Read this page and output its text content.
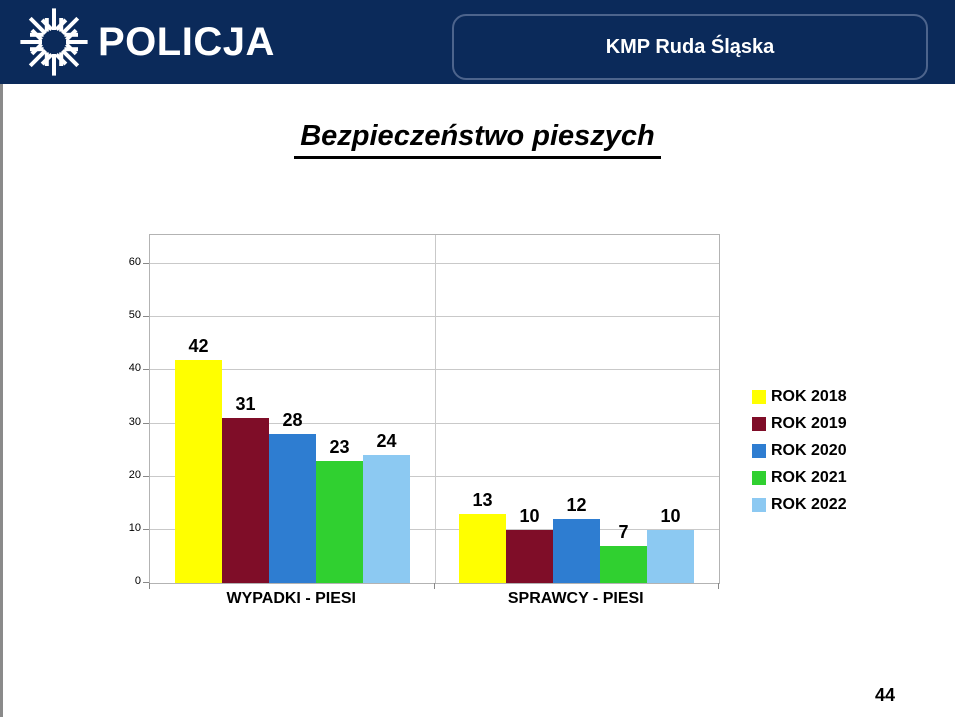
POLICJA	KMP Ruda Śląska
Bezpieczeństwo pieszych
42
31
28
23	24
13
10
12
7
10
0
10
20
30
40
50
60
WYPADKI - PIESI	SPRAWCY - PIESI
ROK 2018
ROK 2019
ROK 2020
ROK 2021
ROK 2022
44
